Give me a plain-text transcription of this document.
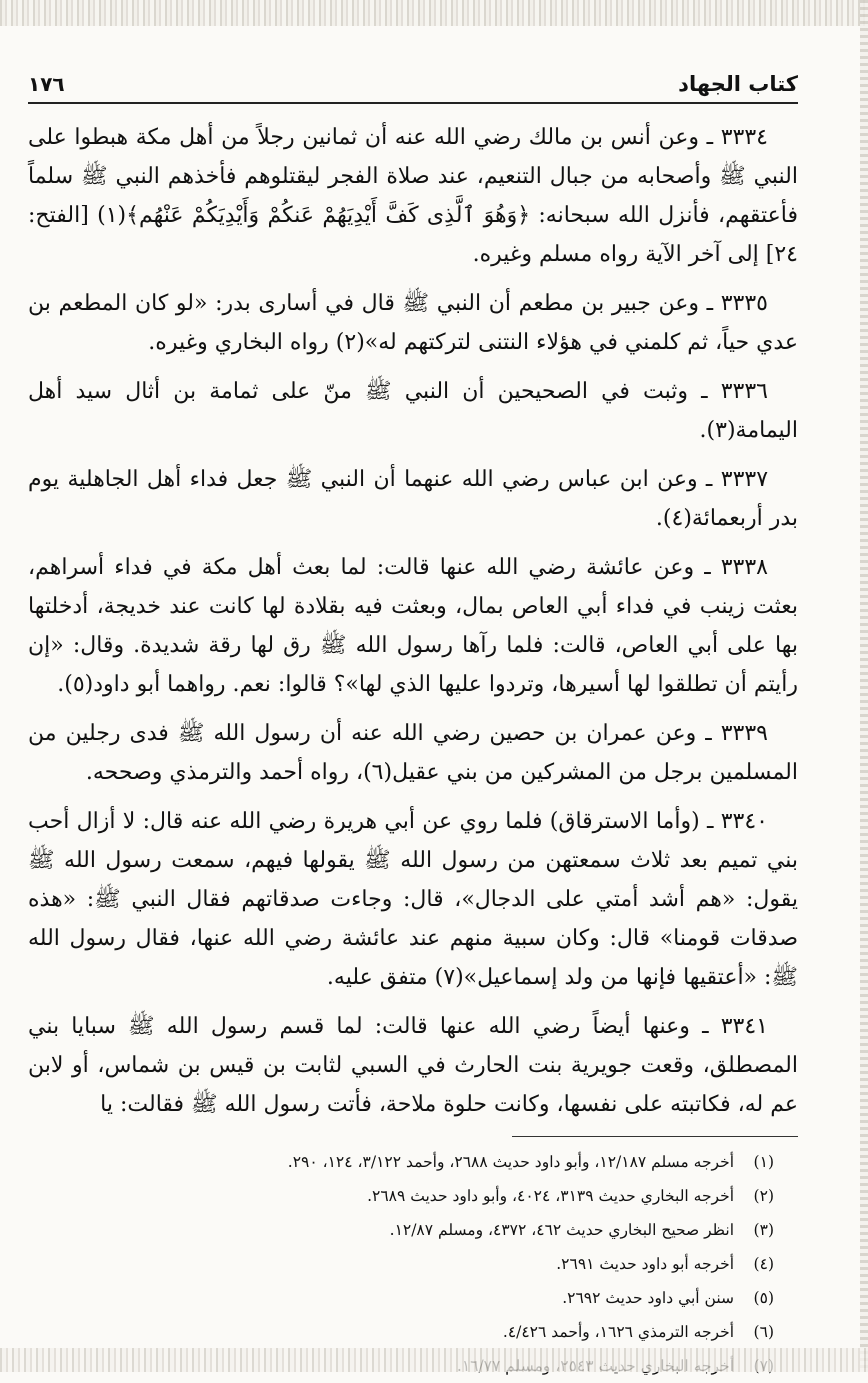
كتاب الجهاد
١٧٦

٣٣٣٤ ـ وعن أنس بن مالك رضي الله عنه أن ثمانين رجلاً من أهل مكة هبطوا على النبي ﷺ وأصحابه من جبال التنعيم، عند صلاة الفجر ليقتلوهم فأخذهم النبي ﷺ سلماً فأعتقهم، فأنزل الله سبحانه: ﴿وَهُوَ ٱلَّذِى كَفَّ أَيْدِيَهُمْ عَنكُمْ وَأَيْدِيَكُمْ عَنْهُم﴾(١) [الفتح: ٢٤] إلى آخر الآية رواه مسلم وغيره.

٣٣٣٥ ـ وعن جبير بن مطعم أن النبي ﷺ قال في أسارى بدر: «لو كان المطعم بن عدي حياً، ثم كلمني في هؤلاء النتنى لتركتهم له»(٢) رواه البخاري وغيره.

٣٣٣٦ ـ وثبت في الصحيحين أن النبي ﷺ منّ على ثمامة بن أثال سيد أهل اليمامة(٣).

٣٣٣٧ ـ وعن ابن عباس رضي الله عنهما أن النبي ﷺ جعل فداء أهل الجاهلية يوم بدر أربعمائة(٤).

٣٣٣٨ ـ وعن عائشة رضي الله عنها قالت: لما بعث أهل مكة في فداء أسراهم، بعثت زينب في فداء أبي العاص بمال، وبعثت فيه بقلادة لها كانت عند خديجة، أدخلتها بها على أبي العاص، قالت: فلما رآها رسول الله ﷺ رق لها رقة شديدة. وقال: «إن رأيتم أن تطلقوا لها أسيرها، وتردوا عليها الذي لها»؟ قالوا: نعم. رواهما أبو داود(٥).

٣٣٣٩ ـ وعن عمران بن حصين رضي الله عنه أن رسول الله ﷺ فدى رجلين من المسلمين برجل من المشركين من بني عقيل(٦)، رواه أحمد والترمذي وصححه.

٣٣٤٠ ـ (وأما الاسترقاق) فلما روي عن أبي هريرة رضي الله عنه قال: لا أزال أحب بني تميم بعد ثلاث سمعتهن من رسول الله ﷺ يقولها فيهم، سمعت رسول الله ﷺ يقول: «هم أشد أمتي على الدجال»، قال: وجاءت صدقاتهم فقال النبي ﷺ: «هذه صدقات قومنا» قال: وكان سبية منهم عند عائشة رضي الله عنها، فقال رسول الله ﷺ: «أعتقيها فإنها من ولد إسماعيل»(٧) متفق عليه.

٣٣٤١ ـ وعنها أيضاً رضي الله عنها قالت: لما قسم رسول الله ﷺ سبايا بني المصطلق، وقعت جويرية بنت الحارث في السبي لثابت بن قيس بن شماس، أو لابن عم له، فكاتبته على نفسها، وكانت حلوة ملاحة، فأتت رسول الله ﷺ فقالت: يا

(١)
أخرجه مسلم ١٢/١٨٧، وأبو داود حديث ٢٦٨٨، وأحمد ٣/١٢٢، ١٢٤، ٢٩٠.
(٢)
أخرجه البخاري حديث ٣١٣٩، ٤٠٢٤، وأبو داود حديث ٢٦٨٩.
(٣)
انظر صحيح البخاري حديث ٤٦٢، ٤٣٧٢، ومسلم ١٢/٨٧.
(٤)
أخرجه أبو داود حديث ٢٦٩١.
(٥)
سنن أبي داود حديث ٢٦٩٢.
(٦)
أخرجه الترمذي ١٦٢٦، وأحمد ٤/٤٢٦.
